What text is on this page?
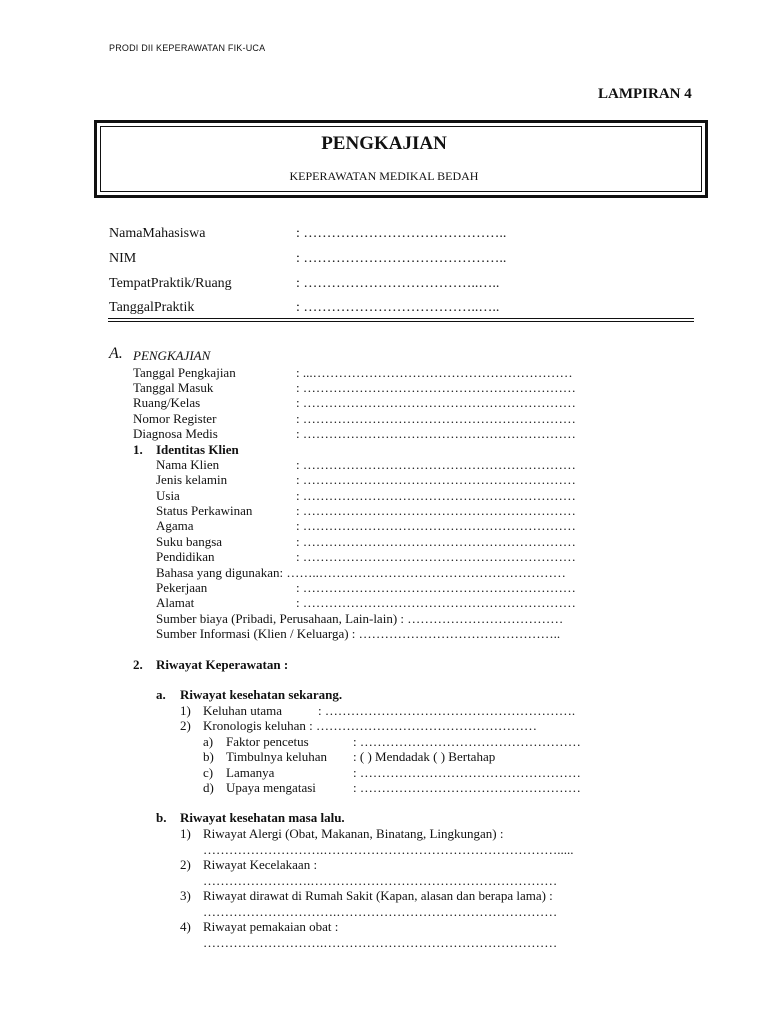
PRODI DII KEPERAWATAN FIK-UCA
LAMPIRAN 4
PENGKAJIAN
KEPERAWATAN MEDIKAL BEDAH
NamaMahasiswa	: ……………………………………..
NIM	: ……………………………………..
TempatPraktik/Ruang	: ………………………………..…..
TanggalPraktik	: ………………………………..…..
A. PENGKAJIAN
Tanggal Pengkajian	: ...……………………………………………………
Tanggal Masuk	: ………………………………………………………
Ruang/Kelas	: ………………………………………………………
Nomor Register	: ………………………………………………………
Diagnosa Medis	: ………………………………………………………
1. Identitas Klien
Nama Klien	: ………………………………………………………
Jenis kelamin	: ………………………………………………………
Usia	: ………………………………………………………
Status Perkawinan	: ………………………………………………………
Agama	: ………………………………………………………
Suku bangsa	: ………………………………………………………
Pendidikan	: ………………………………………………………
Bahasa yang digunakan: ……..…………………………………………………
Pekerjaan	: ………………………………………………………
Alamat	: ………………………………………………………
Sumber biaya (Pribadi, Perusahaan, Lain-lain) : ………………………………
Sumber Informasi (Klien / Keluarga) : ………………………………………..
2. Riwayat Keperawatan :
a. Riwayat kesehatan sekarang.
1) Keluhan utama	: ………………………………………………….
2) Kronologis keluhan : ……………………………………………
a) Faktor pencetus	: ……………………………………………
b) Timbulnya keluhan : ( ) Mendadak ( ) Bertahap
c) Lamanya	: ……………………………………………
d) Upaya mengatasi	: ……………………………………………
b. Riwayat kesehatan masa lalu.
1) Riwayat Alergi (Obat, Makanan, Binatang, Lingkungan) :
……………………….……………………………………………….....
2) Riwayat Kecelakaan :
…………………….…………………………………………………
3) Riwayat dirawat di Rumah Sakit (Kapan, alasan dan berapa lama) :
………………………….……………………………………………
4) Riwayat pemakaian obat :
……………………….………………………………………………
